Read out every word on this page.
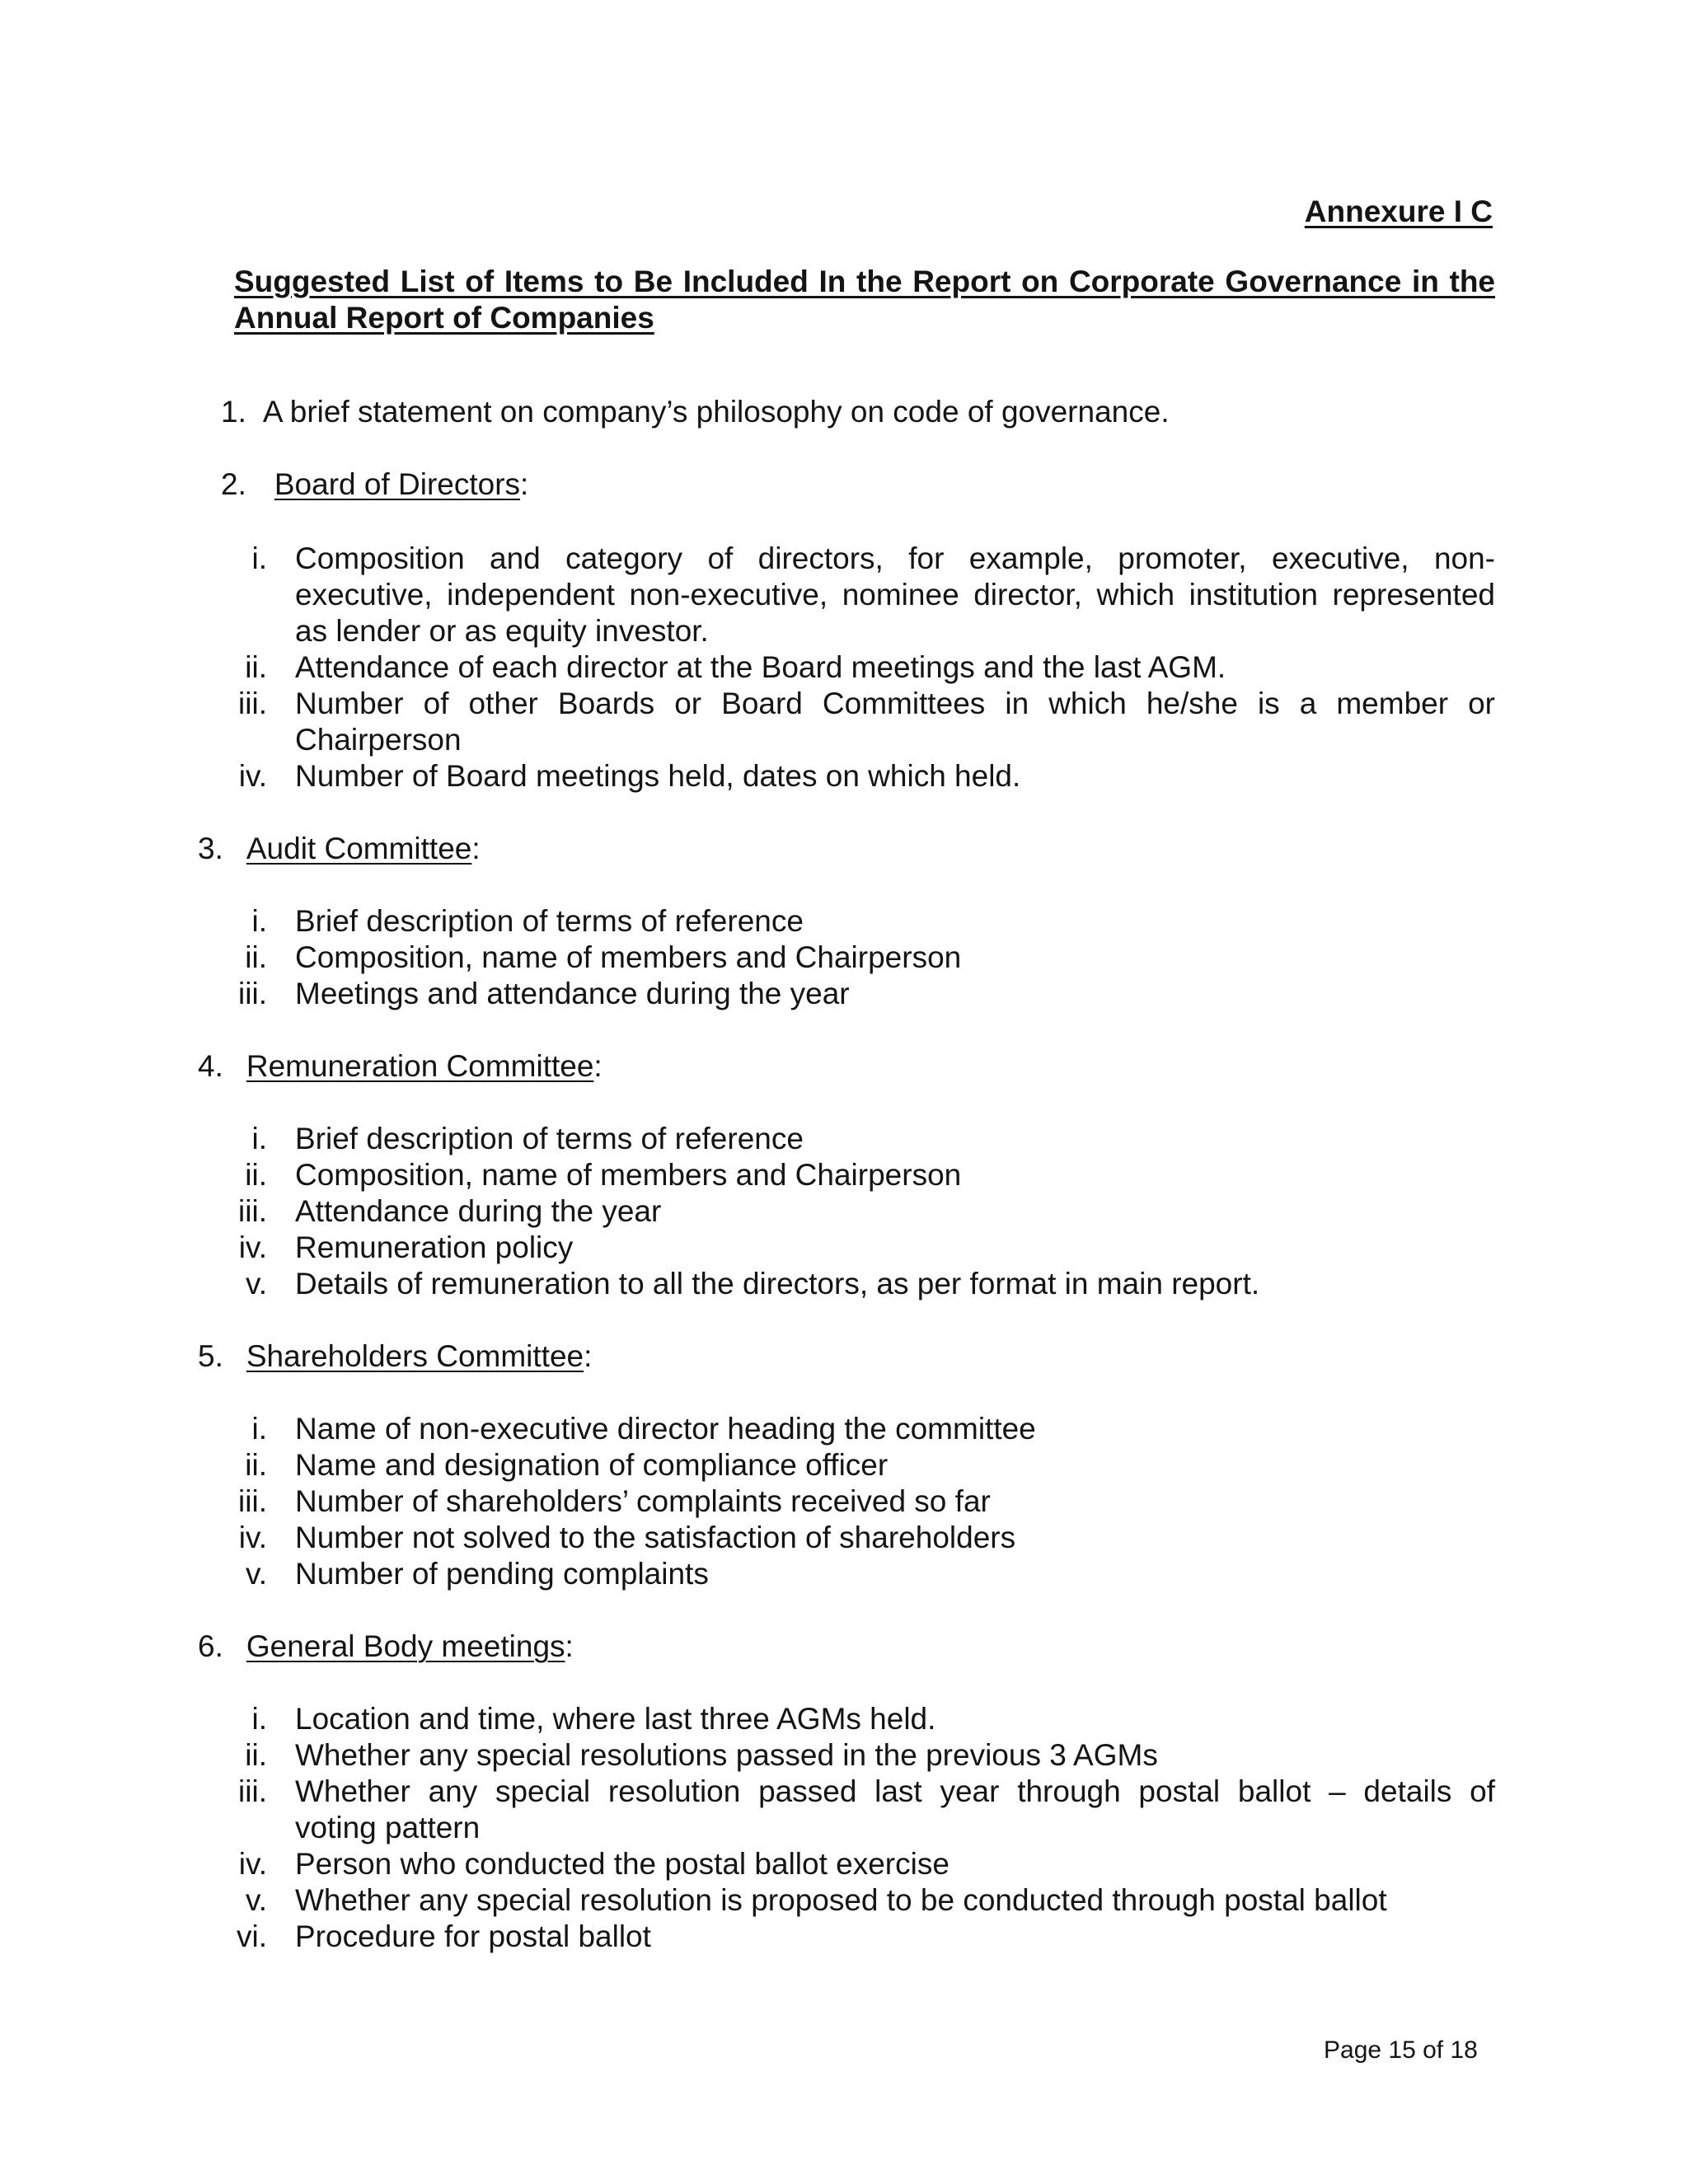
Annexure I C

Suggested List of Items to Be Included In the Report on Corporate Governance in the Annual Report of Companies

1. A brief statement on company’s philosophy on code of governance.
2. Board of Directors:
i. Composition and category of directors, for example, promoter, executive, non-

executive, independent non-executive, nominee director, which institution represented

as lender or as equity investor.

ii. Attendance of each director at the Board meetings and the last AGM.

iii. Number of other Boards or Board Committees in which he/she is a member or

Chairperson

iv. Number of Board meetings held, dates on which held.

3. Audit Committee:
i. Brief description of terms of reference

ii. Composition, name of members and Chairperson

iii. Meetings and attendance during the year

4. Remuneration Committee:
i. Brief description of terms of reference

ii. Composition, name of members and Chairperson

iii. Attendance during the year

iv. Remuneration policy

v. Details of remuneration to all the directors, as per format in main report.

5. Shareholders Committee:
i. Name of non-executive director heading the committee

ii. Name and designation of compliance officer

iii. Number of shareholders’ complaints received so far

iv. Number not solved to the satisfaction of shareholders

v. Number of pending complaints

6. General Body meetings:
i. Location and time, where last three AGMs held.

ii. Whether any special resolutions passed in the previous 3 AGMs

iii. Whether any special resolution passed last year through postal ballot – details of

voting pattern

iv. Person who conducted the postal ballot exercise

v. Whether any special resolution is proposed to be conducted through postal ballot

vi. Procedure for postal ballot

Page 15 of 18
